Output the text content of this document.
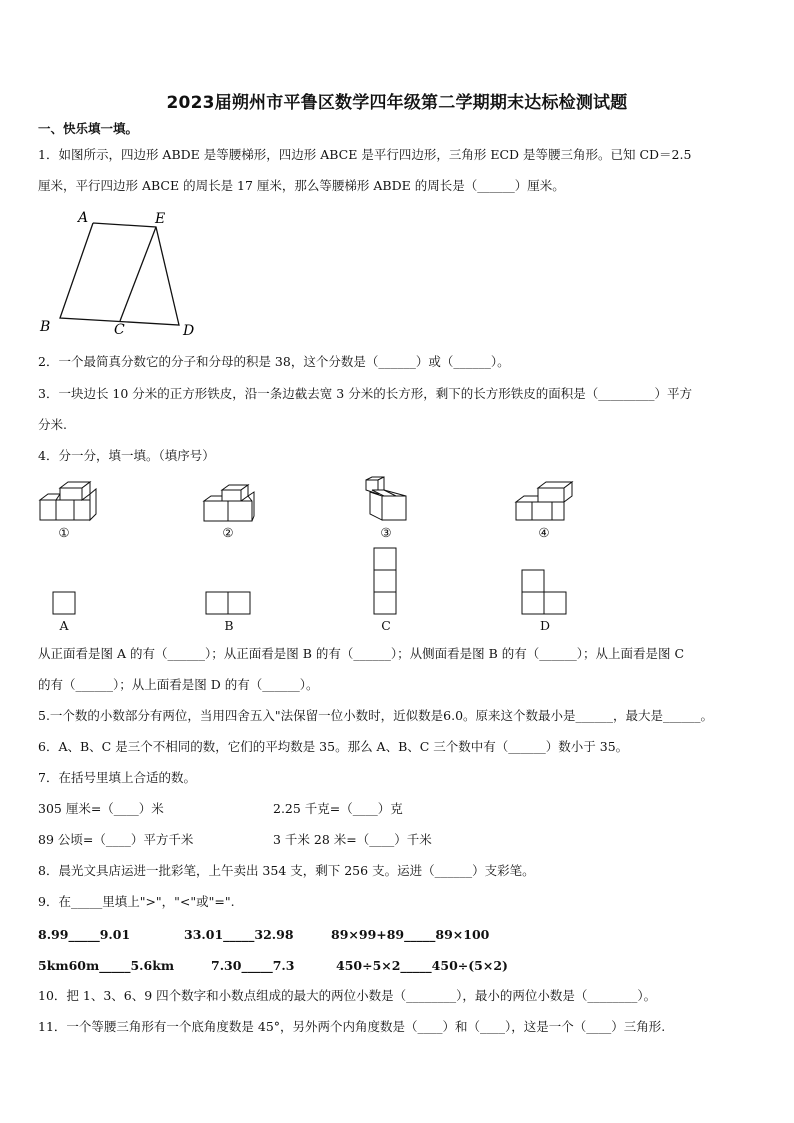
2023届朔州市平鲁区数学四年级第二学期期末达标检测试题
一、快乐填一填。
1．如图所示，四边形 ABDE 是等腰梯形，四边形 ABCE 是平行四边形，三角形 ECD 是等腰三角形。已知 CD＝2.5
厘米，平行四边形 ABCE 的周长是 17 厘米，那么等腰梯形 ABDE 的周长是（______）厘米。
A	E
B	C	D
2．一个最简真分数它的分子和分母的积是 38，这个分数是（______）或（______）。
3．一块边长 10 分米的正方形铁皮，沿一条边截去宽 3 分米的长方形，剩下的长方形铁皮的面积是（_________）平方
分米.
4．分一分，填一填。（填序号）
①	②	③	④
A	B	C	D
从正面看是图 A 的有（______）；从正面看是图 B 的有（______）；从侧面看是图 B 的有（______）；从上面看是图 C
的有（______）；从上面看是图 D 的有（______）。
5.一个数的小数部分有两位，当用四舍五入"法保留一位小数时，近似数是6.0。原来这个数最小是______，最大是______。
6．A、B、C 是三个不相同的数，它们的平均数是 35。那么 A、B、C 三个数中有（______）数小于 35。
7．在括号里填上合适的数。
305 厘米=（____）米	2.25 千克=（____）克
89 公顷=（____）平方千米	3 千米 28 米=（____）千米
8．晨光文具店运进一批彩笔，上午卖出 354 支，剩下 256 支。运进（______）支彩笔。
9．在_____里填上">"，"<"或"=".
8.99_____9.01	33.01_____32.98	89×99+89_____89×100
5km60m_____5.6km	7.30_____7.3	450÷5×2_____450÷(5×2)
10．把 1、3、6、9 四个数字和小数点组成的最大的两位小数是（________），最小的两位小数是（________）。
11．一个等腰三角形有一个底角度数是 45°，另外两个内角度数是（____）和（____），这是一个（____）三角形.
